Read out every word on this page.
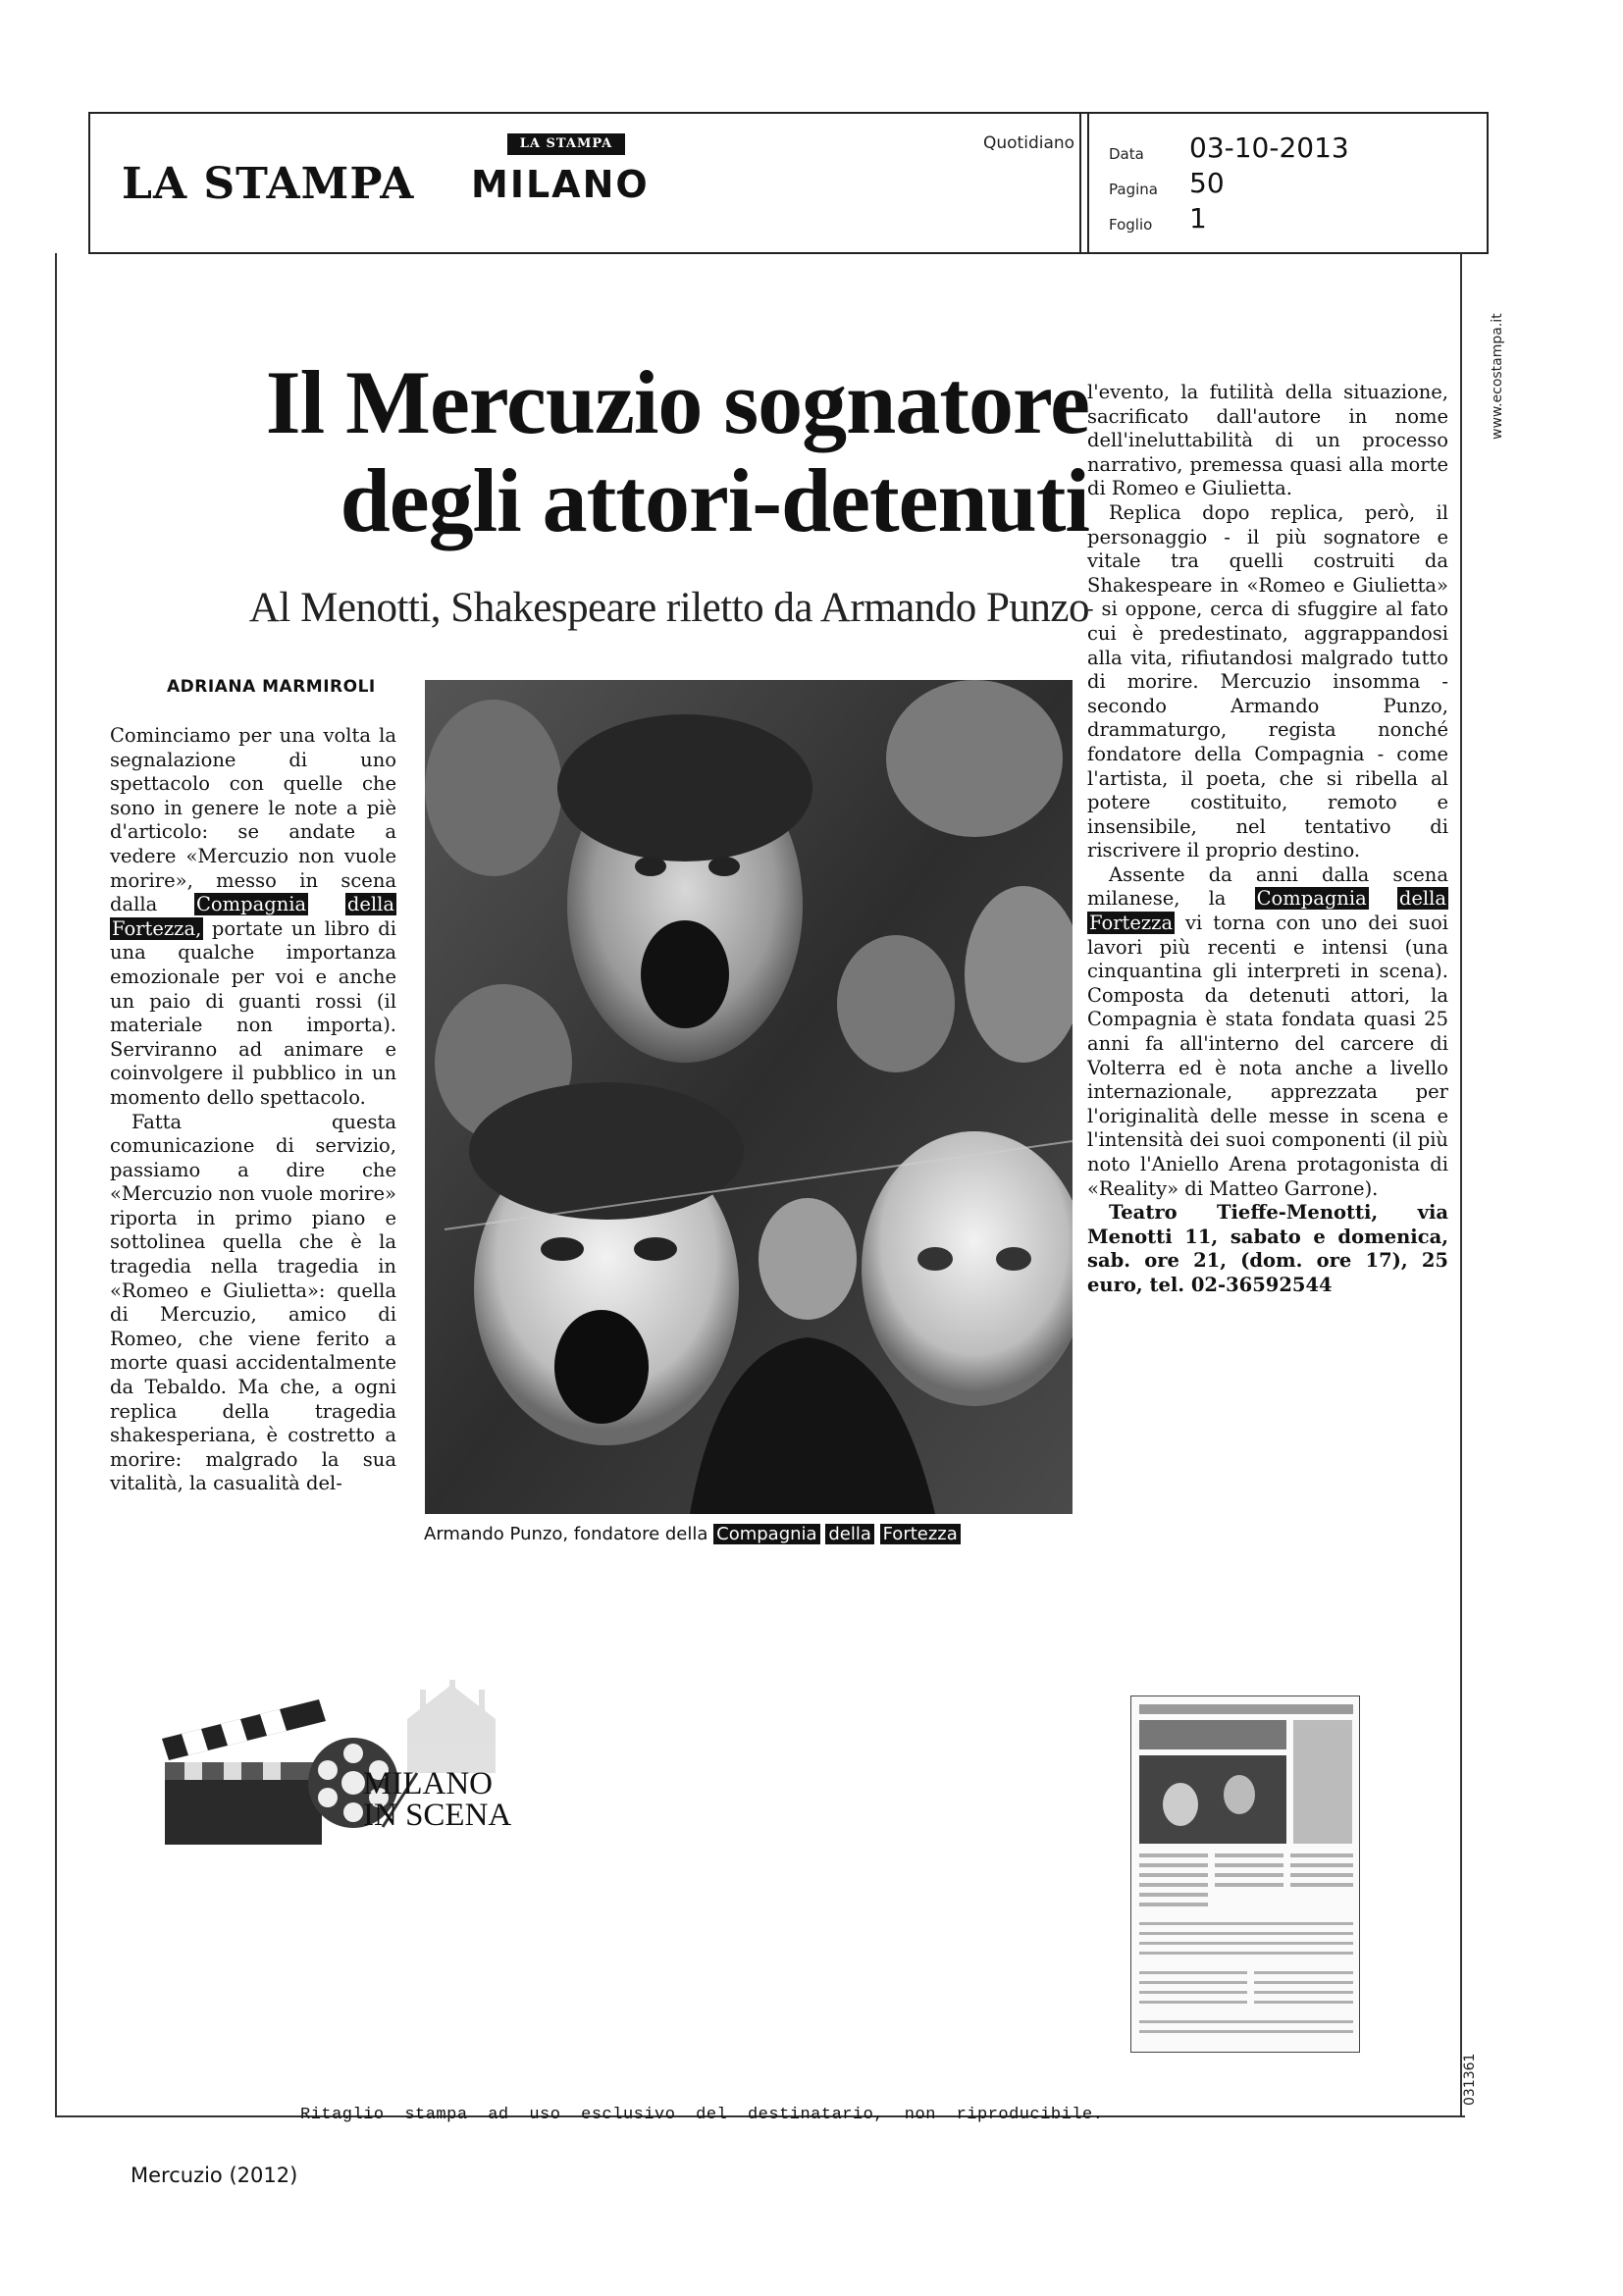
LA STAMPA
LA STAMPA MILANO
Quotidiano
Data 03-10-2013
Pagina 50
Foglio 1
Il Mercuzio sognatore
degli attori-detenuti
Al Menotti, Shakespeare riletto da Armando Punzo
ADRIANA MARMIROLI

Cominciamo per una volta la segnalazione di uno spettacolo con quelle che sono in genere le note a piè d'articolo: se andate a vedere «Mercuzio non vuole morire», messo in scena dalla Compagnia della Fortezza, portate un libro di una qualche importanza emozionale per voi e anche un paio di guanti rossi (il materiale non importa). Serviranno ad animare e coinvolgere il pubblico in un momento dello spettacolo.

Fatta questa comunicazione di servizio, passiamo a dire che «Mercuzio non vuole morire» riporta in primo piano e sottolinea quella che è la tragedia nella tragedia in «Romeo e Giulietta»: quella di Mercuzio, amico di Romeo, che viene ferito a morte quasi accidentalmente da Tebaldo. Ma che, a ogni replica della tragedia shakesperiana, è costretto a morire: malgrado la sua vitalità, la casualità del-

l'evento, la futilità della situazione, sacrificato dall'autore in nome dell'ineluttabilità di un processo narrativo, premessa quasi alla morte di Romeo e Giulietta.

Replica dopo replica, però, il personaggio - il più sognatore e vitale tra quelli costruiti da Shakespeare in «Romeo e Giulietta» - si oppone, cerca di sfuggire al fato cui è predestinato, aggrappandosi alla vita, rifiutandosi malgrado tutto di morire. Mercuzio insomma - secondo Armando Punzo, drammaturgo, regista nonché fondatore della Compagnia - come l'artista, il poeta, che si ribella al potere costituito, remoto e insensibile, nel tentativo di riscrivere il proprio destino.

Assente da anni dalla scena milanese, la Compagnia della Fortezza vi torna con uno dei suoi lavori più recenti e intensi (una cinquantina gli interpreti in scena). Composta da detenuti attori, la Compagnia è stata fondata quasi 25 anni fa all'interno del carcere di Volterra ed è nota anche a livello internazionale, apprezzata per l'originalità delle messe in scena e l'intensità dei suoi componenti (il più noto l'Aniello Arena protagonista di «Reality» di Matteo Garrone).

Teatro Tieffe-Menotti, via Menotti 11, sabato e domenica, sab. ore 21, (dom. ore 17), 25 euro, tel. 02-36592544

Armando Punzo, fondatore della Compagnia della Fortezza
MILANO
IN SCENA
www.ecostampa.it
031361
Ritaglio stampa ad uso esclusivo del destinatario, non riproducibile.
Mercuzio (2012)
